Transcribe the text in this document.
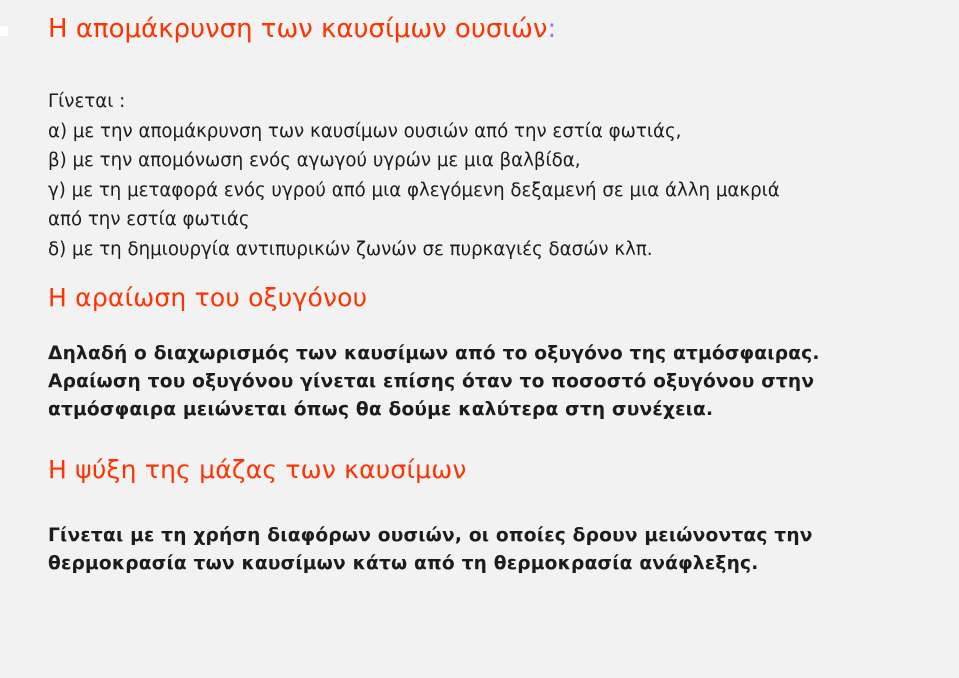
Η απομάκρυνση των καυσίμων ουσιών:
Γίνεται :
α) με την απομάκρυνση των καυσίμων ουσιών από την εστία φωτιάς,
β) με την απομόνωση ενός αγωγού υγρών με μια βαλβίδα,
γ) με τη μεταφορά ενός υγρού από μια φλεγόμενη δεξαμενή σε μια άλλη μακριά
από την εστία φωτιάς
δ) με τη δημιουργία αντιπυρικών ζωνών σε πυρκαγιές δασών κλπ.
Η αραίωση του οξυγόνου
Δηλαδή ο διαχωρισμός των καυσίμων από το οξυγόνο της ατμόσφαιρας.
Αραίωση του οξυγόνου γίνεται επίσης όταν το ποσοστό οξυγόνου στην
ατμόσφαιρα μειώνεται όπως θα δούμε καλύτερα στη συνέχεια.
Η ψύξη της μάζας των καυσίμων
Γίνεται με τη χρήση διαφόρων ουσιών, οι οποίες δρουν μειώνοντας την
θερμοκρασία των καυσίμων κάτω από τη θερμοκρασία ανάφλεξης.
